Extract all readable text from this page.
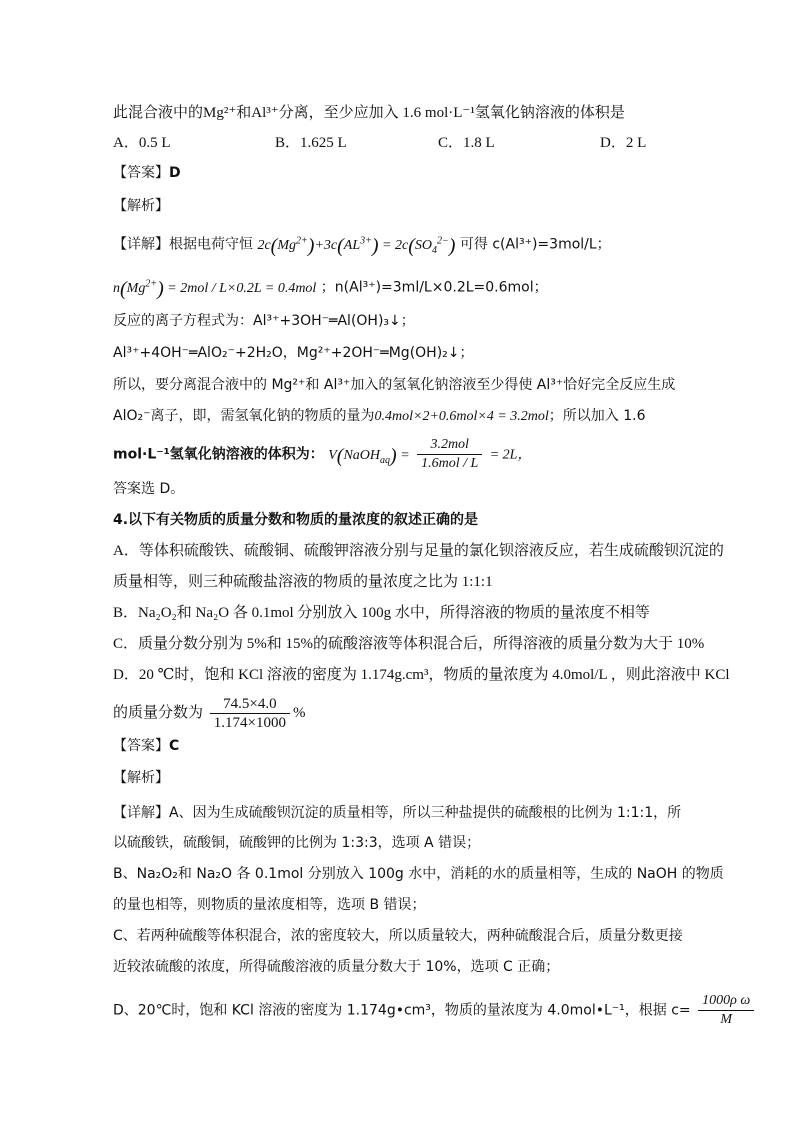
此混合液中的Mg²⁺和Al³⁺分离，至少应加入 1.6 mol·L⁻¹氢氧化钠溶液的体积是
A．0.5 L	B．1.625 L	C．1.8 L	D．2 L
【答案】D
【解析】
【详解】根据电荷守恒 $2c(Mg^{2+})+3c(AL^{3+}) = 2c(SO_4^{2-})$ 可得 c(Al³⁺)=3mol/L；
$n(Mg^{2+}) = 2mol / L\times 0.2L = 0.4mol$ ；n(Al³⁺)=3ml/L×0.2L=0.6mol；
反应的离子方程式为：Al³⁺+3OH⁻═Al(OH)₃↓；
Al³⁺+4OH⁻═AlO₂⁻+2H₂O，Mg²⁺+2OH⁻═Mg(OH)₂↓；
所以，要分离混合液中的 Mg²⁺和 Al³⁺加入的氢氧化钠溶液至少得使 Al³⁺恰好完全反应生成
AlO₂⁻离子，即，需氢氧化钠的物质的量为0.4mol×2+0.6mol×4 = 3.2mol；所以加入 1.6
mol·L⁻¹氢氧化钠溶液的体积为： V(NaOH$_{aq}$) = $\frac{\text{3.2mol}}{\text{1.6mol / L}} = 2L$，
答案选 D。
4.以下有关物质的质量分数和物质的量浓度的叙述正确的是
A．等体积硫酸铁、硫酸铜、硫酸钾溶液分别与足量的氯化钡溶液反应，若生成硫酸钡沉淀的
质量相等，则三种硫酸盐溶液的物质的量浓度之比为 1:1:1
B．Na₂O₂和 Na₂O 各 0.1mol 分别放入 100g 水中，所得溶液的物质的量浓度不相等
C．质量分数分别为 5%和 15%的硫酸溶液等体积混合后，所得溶液的质量分数为大于 10%
D．20 ℃时，饱和 KCl 溶液的密度为 1.174g.cm³，物质的量浓度为 4.0mol/L ，则此溶液中 KCl
的质量分数为 $\frac{74.5\times 4.0}{1.174\times 1000}$ %
【答案】C
【解析】
【详解】A、因为生成硫酸钡沉淀的质量相等，所以三种盐提供的硫酸根的比例为 1:1:1，所
以硫酸铁，硫酸铜，硫酸钾的比例为 1:3:3，选项 A 错误；
B、Na₂O₂和 Na₂O 各 0.1mol 分别放入 100g 水中，消耗的水的质量相等，生成的 NaOH 的物质
的量也相等，则物质的量浓度相等，选项 B 错误；
C、若两种硫酸等体积混合，浓的密度较大，所以质量较大，两种硫酸混合后，质量分数更接
近较浓硫酸的浓度，所得硫酸溶液的质量分数大于 10%，选项 C 正确；
D、20℃时，饱和 KCl 溶液的密度为 1.174g•cm³，物质的量浓度为 4.0mol•L⁻¹，根据 $c= \frac{\text{1000ρ ω}}{M}$
